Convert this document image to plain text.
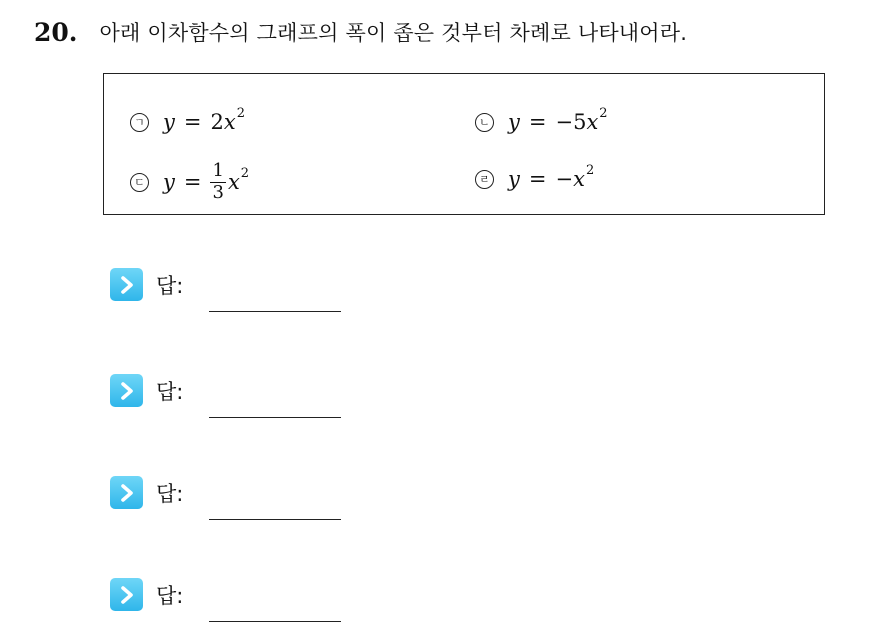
20. 아래 이차함수의 그래프의 폭이 좁은 것부터 차례로 나타내어라.
ㄱ y = 2 x 2
ㄴ y = −5 x 2
ㄷ $y = \frac{1}{3}$ x 2	ㄹ y = − x 2
답:
답:
답:
답:
